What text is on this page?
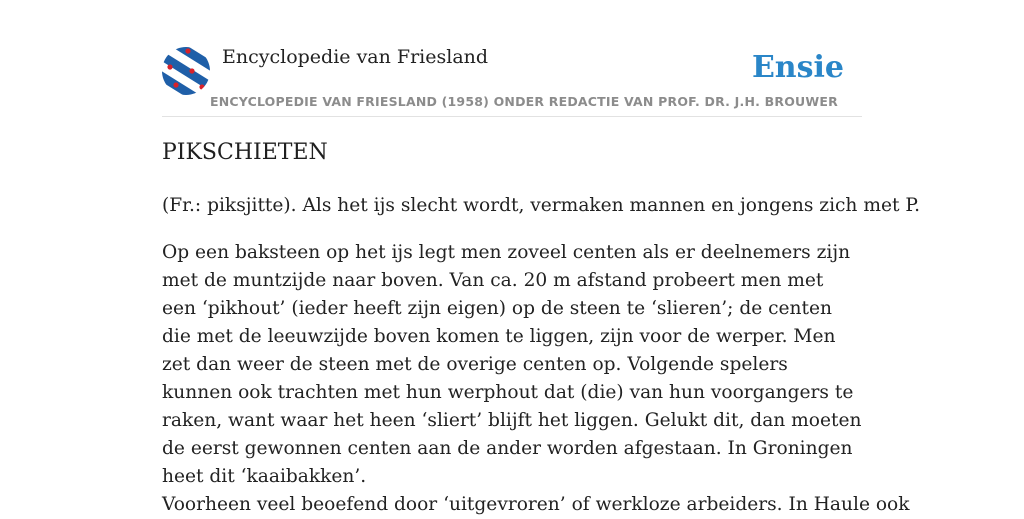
Encyclopedie van Friesland	Ensie
ENCYCLOPEDIE VAN FRIESLAND (1958) ONDER REDACTIE VAN PROF. DR. J.H. BROUWER
PIKSCHIETEN

(Fr.: piksjitte). Als het ijs slecht wordt, vermaken mannen en jongens zich met P.

Op een baksteen op het ijs legt men zoveel centen als er deelnemers zijn met de muntzijde naar boven. Van ca. 20 m afstand probeert men met een ‘pikhout’ (ieder heeft zijn eigen) op de steen te ‘slieren’; de centen die met de leeuwzijde boven komen te liggen, zijn voor de werper. Men zet dan weer de steen met de overige centen op. Volgende spelers kunnen ook trachten met hun werphout dat (die) van hun voorgangers te raken, want waar het heen ‘sliert’ blijft het liggen. Gelukt dit, dan moeten de eerst gewonnen centen aan de ander worden afgestaan. In Groningen heet dit ‘kaaibakken’.

Voorheen veel beoefend door ‘uitgevroren’ of werkloze arbeiders. In Haule ook
